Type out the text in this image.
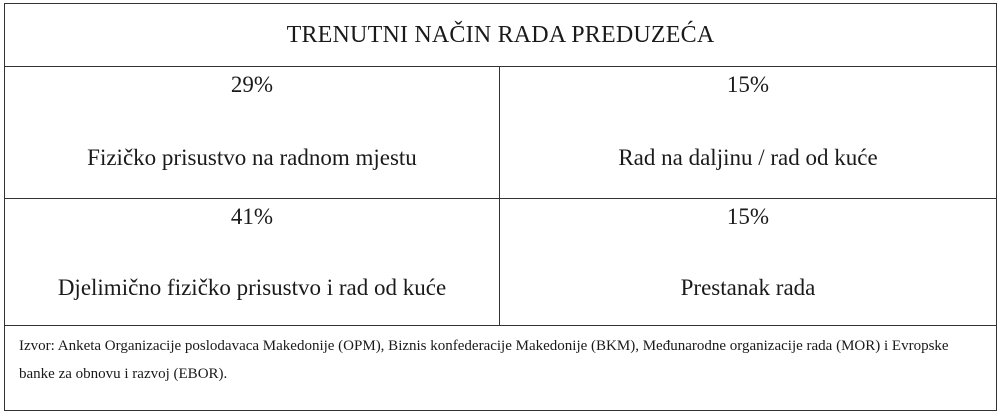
TRENUTNI NAČIN RADA PREDUZEĆA
29%
Fizičko prisustvo na radnom mjestu
15%
Rad na daljinu / rad od kuće
41%
Djelimično fizičko prisustvo i rad od kuće
15%
Prestanak rada
Izvor: Anketa Organizacije poslodavaca Makedonije (OPM), Biznis konfederacije Makedonije (BKM), Međunarodne organizacije rada (MOR) i Evropske banke za obnovu i razvoj (EBOR).
